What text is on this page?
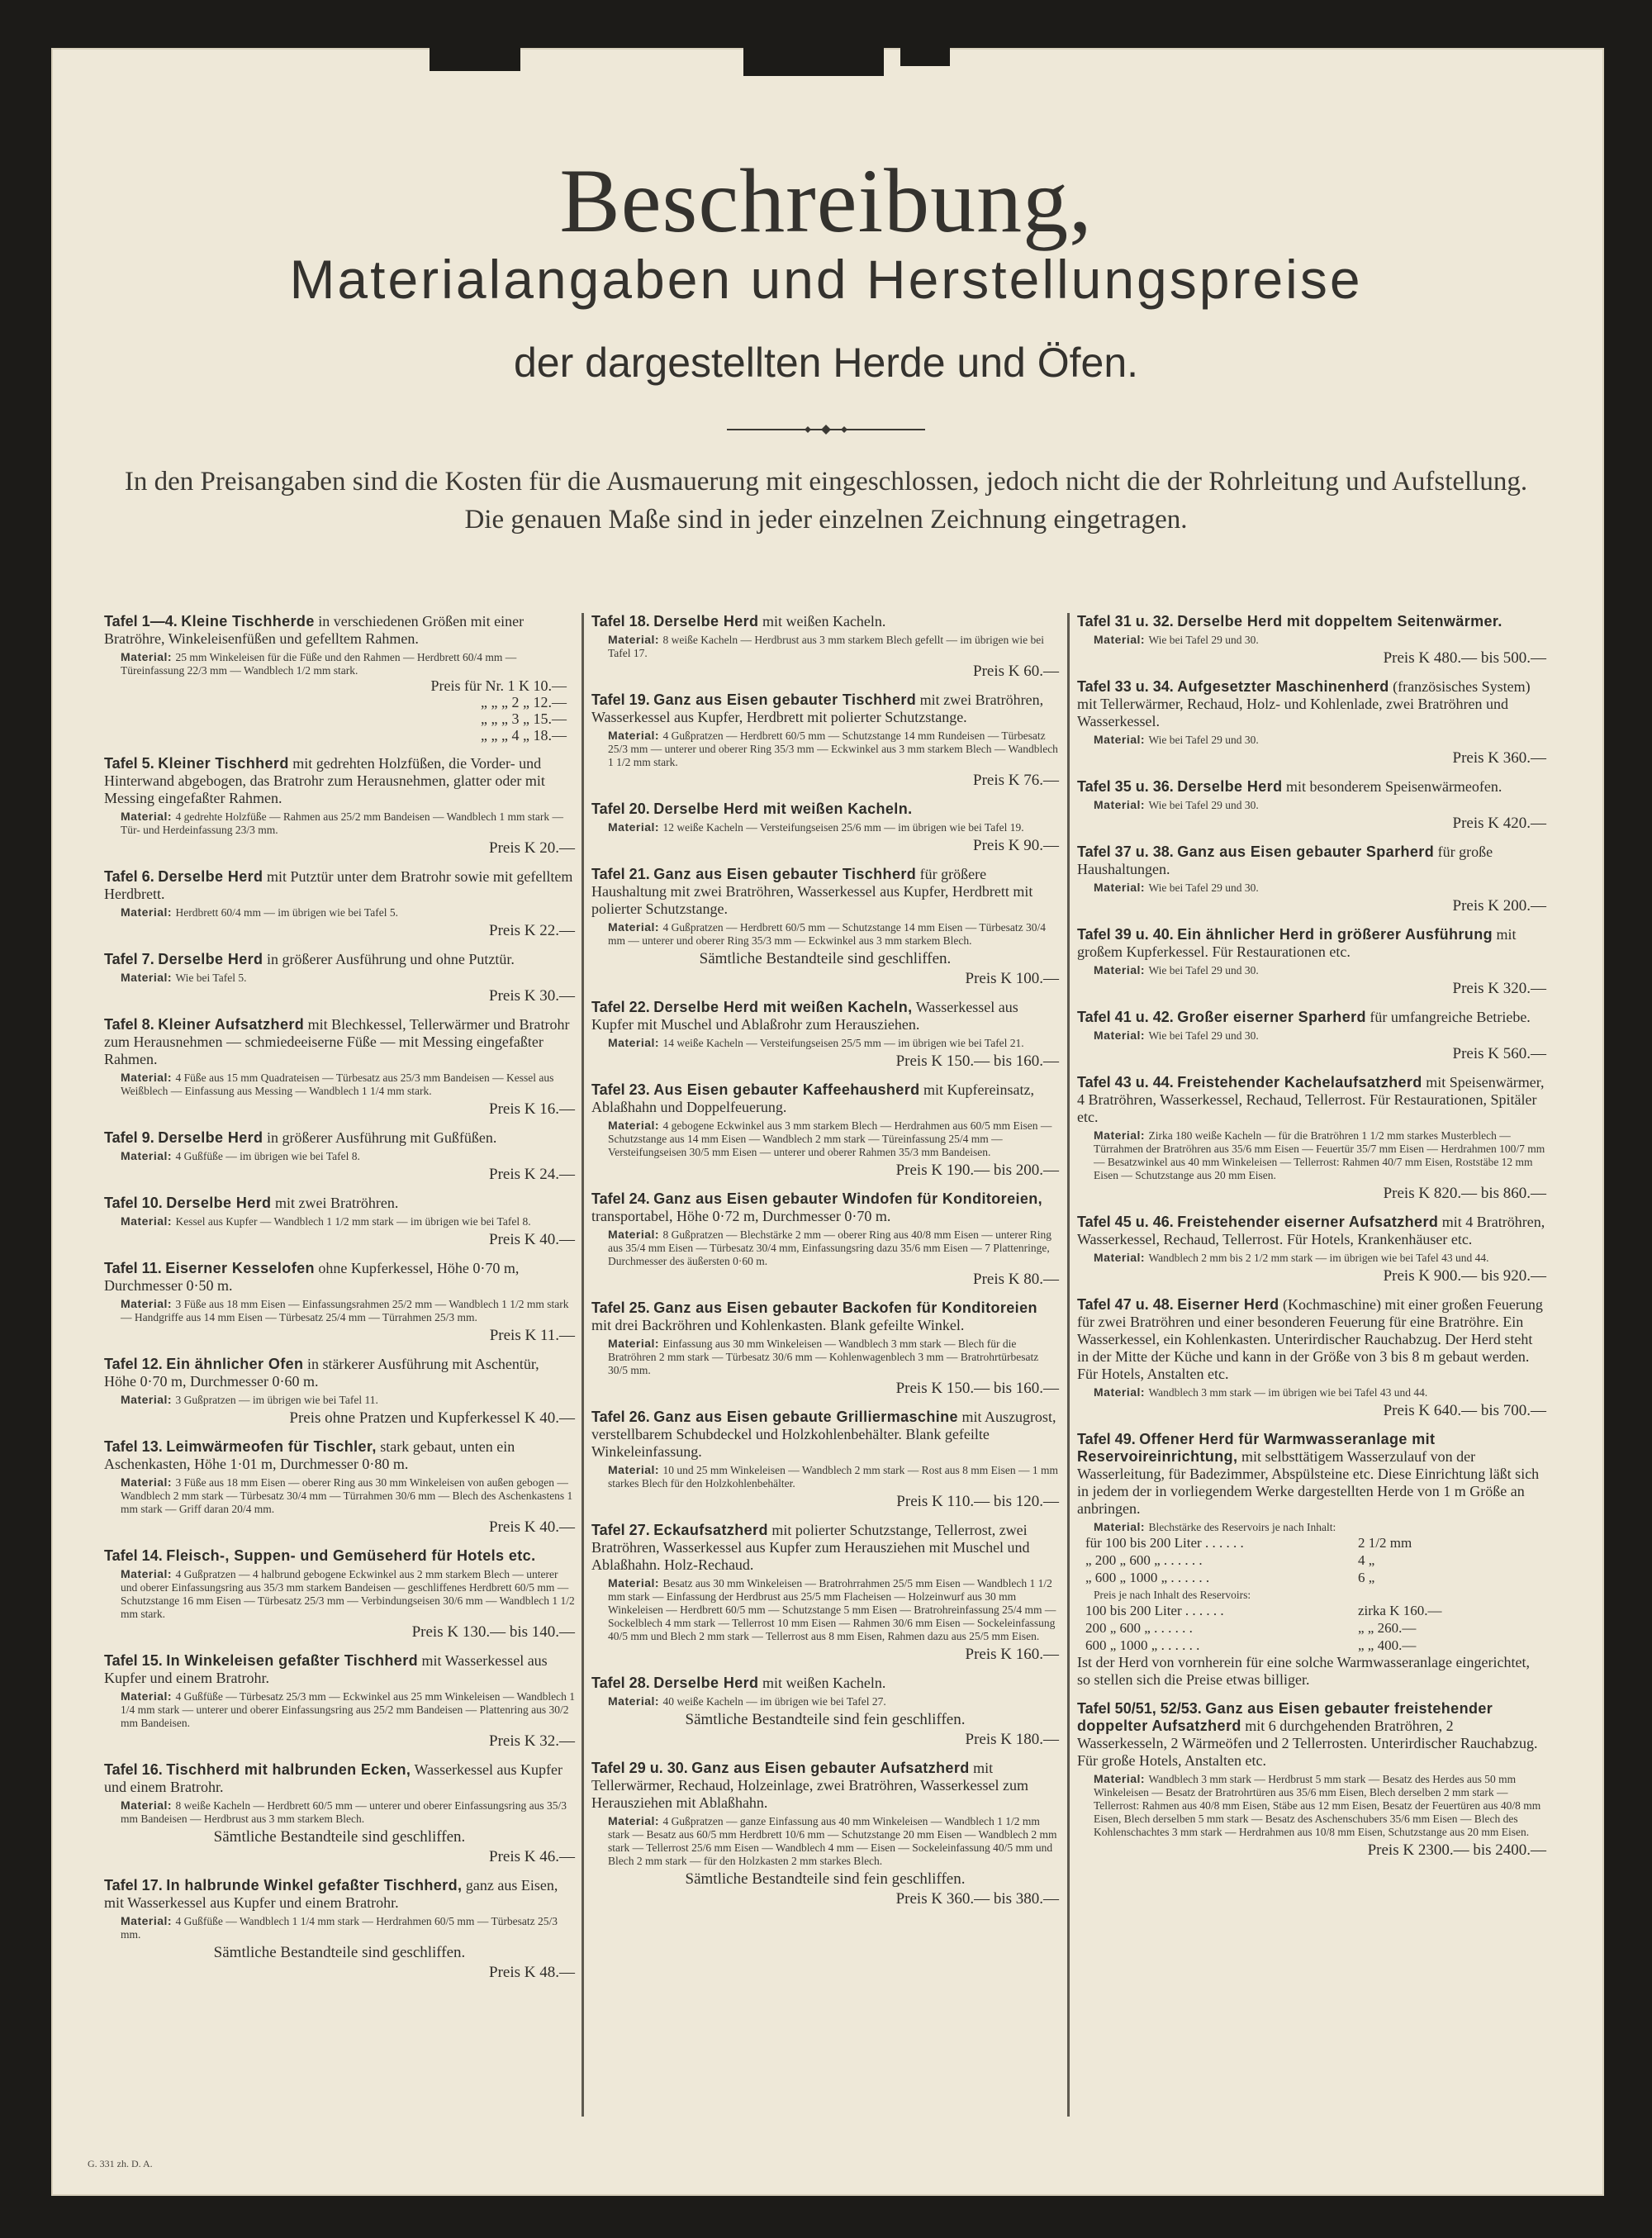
Beschreibung,
Materialangaben und Herstellungspreise
der dargestellten Herde und Öfen.
In den Preisangaben sind die Kosten für die Ausmauerung mit eingeschlossen, jedoch nicht die der Rohrleitung und Aufstellung.
Die genauen Maße sind in jeder einzelnen Zeichnung eingetragen.
Tafel 1—4. Kleine Tischherde in verschiedenen Größen mit einer Bratröhre, Winkeleisenfüßen und gefelltem Rahmen.
Material: 25 mm Winkeleisen für die Füße und den Rahmen — Herdbrett 60/4 mm — Türeinfassung 22/3 mm — Wandblech 1/2 mm stark.
Preis für Nr. 1 K 10.—
„ „ „ 2 „ 12.—
„ „ „ 3 „ 15.—
„ „ „ 4 „ 18.—
Tafel 5. Kleiner Tischherd mit gedrehten Holzfüßen, die Vorder- und Hinterwand abgebogen, das Bratrohr zum Herausnehmen, glatter oder mit Messing eingefaßter Rahmen.
Material: 4 gedrehte Holzfüße — Rahmen aus 25/2 mm Bandeisen — Wandblech 1 mm stark — Tür- und Herdeinfassung 23/3 mm.
Preis K 20.—
Tafel 6. Derselbe Herd mit Putztür unter dem Bratrohr sowie mit gefelltem Herdbrett.
Material: Herdbrett 60/4 mm — im übrigen wie bei Tafel 5.
Preis K 22.—
Tafel 7. Derselbe Herd in größerer Ausführung und ohne Putztür.
Material: Wie bei Tafel 5.
Preis K 30.—
Tafel 8. Kleiner Aufsatzherd mit Blechkessel, Tellerwärmer und Bratrohr zum Herausnehmen — schmiedeeiserne Füße — mit Messing eingefaßter Rahmen.
Material: 4 Füße aus 15 mm Quadrateisen — Türbesatz aus 25/3 mm Bandeisen — Kessel aus Weißblech — Einfassung aus Messing — Wandblech 1 1/4 mm stark.
Preis K 16.—
Tafel 9. Derselbe Herd in größerer Ausführung mit Gußfüßen.
Material: 4 Gußfüße — im übrigen wie bei Tafel 8.
Preis K 24.—
Tafel 10. Derselbe Herd mit zwei Bratröhren.
Material: Kessel aus Kupfer — Wandblech 1 1/2 mm stark — im übrigen wie bei Tafel 8.
Preis K 40.—
Tafel 11. Eiserner Kesselofen ohne Kupferkessel, Höhe 0·70 m, Durchmesser 0·50 m.
Material: 3 Füße aus 18 mm Eisen — Einfassungsrahmen 25/2 mm — Wandblech 1 1/2 mm stark — Handgriffe aus 14 mm Eisen — Türbesatz 25/4 mm — Türrahmen 25/3 mm.
Preis K 11.—
Tafel 12. Ein ähnlicher Ofen in stärkerer Ausführung mit Aschentür, Höhe 0·70 m, Durchmesser 0·60 m.
Material: 3 Gußpratzen — im übrigen wie bei Tafel 11.
Preis ohne Pratzen und Kupferkessel K 40.—
Tafel 13. Leimwärmeofen für Tischler, stark gebaut, unten ein Aschenkasten, Höhe 1·01 m, Durchmesser 0·80 m.
Material: 3 Füße aus 18 mm Eisen — oberer Ring aus 30 mm Winkeleisen von außen gebogen — Wandblech 2 mm stark — Türbesatz 30/4 mm — Türrahmen 30/6 mm — Blech des Aschenkastens 1 mm stark — Griff daran 20/4 mm.
Preis K 40.—
Tafel 14. Fleisch-, Suppen- und Gemüseherd für Hotels etc.
Material: 4 Gußpratzen — 4 halbrund gebogene Eckwinkel aus 2 mm starkem Blech — unterer und oberer Einfassungsring aus 35/3 mm starkem Bandeisen — geschliffenes Herdbrett 60/5 mm — Schutzstange 16 mm Eisen — Türbesatz 25/3 mm — Verbindungseisen 30/6 mm — Wandblech 1 1/2 mm stark.
Preis K 130.— bis 140.—
Tafel 15. In Winkeleisen gefaßter Tischherd mit Wasserkessel aus Kupfer und einem Bratrohr.
Material: 4 Gußfüße — Türbesatz 25/3 mm — Eckwinkel aus 25 mm Winkeleisen — Wandblech 1 1/4 mm stark — unterer und oberer Einfassungsring aus 25/2 mm Bandeisen — Plattenring aus 30/2 mm Bandeisen.
Preis K 32.—
Tafel 16. Tischherd mit halbrunden Ecken, Wasserkessel aus Kupfer und einem Bratrohr.
Material: 8 weiße Kacheln — Herdbrett 60/5 mm — unterer und oberer Einfassungsring aus 35/3 mm Bandeisen — Herdbrust aus 3 mm starkem Blech.
Sämtliche Bestandteile sind geschliffen.
Preis K 46.—
Tafel 17. In halbrunde Winkel gefaßter Tischherd, ganz aus Eisen, mit Wasserkessel aus Kupfer und einem Bratrohr.
Material: 4 Gußfüße — Wandblech 1 1/4 mm stark — Herdrahmen 60/5 mm — Türbesatz 25/3 mm.
Sämtliche Bestandteile sind geschliffen.
Preis K 48.—
Tafel 18. Derselbe Herd mit weißen Kacheln.
Material: 8 weiße Kacheln — Herdbrust aus 3 mm starkem Blech gefellt — im übrigen wie bei Tafel 17.
Preis K 60.—
Tafel 19. Ganz aus Eisen gebauter Tischherd mit zwei Bratröhren, Wasserkessel aus Kupfer, Herdbrett mit polierter Schutzstange.
Material: 4 Gußpratzen — Herdbrett 60/5 mm — Schutzstange 14 mm Rundeisen — Türbesatz 25/3 mm — unterer und oberer Ring 35/3 mm — Eckwinkel aus 3 mm starkem Blech — Wandblech 1 1/2 mm stark.
Preis K 76.—
Tafel 20. Derselbe Herd mit weißen Kacheln.
Material: 12 weiße Kacheln — Versteifungseisen 25/6 mm — im übrigen wie bei Tafel 19.
Preis K 90.—
Tafel 21. Ganz aus Eisen gebauter Tischherd für größere Haushaltung mit zwei Bratröhren, Wasserkessel aus Kupfer, Herdbrett mit polierter Schutzstange.
Material: 4 Gußpratzen — Herdbrett 60/5 mm — Schutzstange 14 mm Eisen — Türbesatz 30/4 mm — unterer und oberer Ring 35/3 mm — Eckwinkel aus 3 mm starkem Blech.
Sämtliche Bestandteile sind geschliffen.
Preis K 100.—
Tafel 22. Derselbe Herd mit weißen Kacheln, Wasserkessel aus Kupfer mit Muschel und Ablaßrohr zum Herausziehen.
Material: 14 weiße Kacheln — Versteifungseisen 25/5 mm — im übrigen wie bei Tafel 21.
Preis K 150.— bis 160.—
Tafel 23. Aus Eisen gebauter Kaffeehausherd mit Kupfereinsatz, Ablaßhahn und Doppelfeuerung.
Material: 4 gebogene Eckwinkel aus 3 mm starkem Blech — Herdrahmen aus 60/5 mm Eisen — Schutzstange aus 14 mm Eisen — Wandblech 2 mm stark — Türeinfassung 25/4 mm — Versteifungseisen 30/5 mm Eisen — unterer und oberer Rahmen 35/3 mm Bandeisen.
Preis K 190.— bis 200.—
Tafel 24. Ganz aus Eisen gebauter Windofen für Konditoreien, transportabel, Höhe 0·72 m, Durchmesser 0·70 m.
Material: 8 Gußpratzen — Blechstärke 2 mm — oberer Ring aus 40/8 mm Eisen — unterer Ring aus 35/4 mm Eisen — Türbesatz 30/4 mm, Einfassungsring dazu 35/6 mm Eisen — 7 Plattenringe, Durchmesser des äußersten 0·60 m.
Preis K 80.—
Tafel 25. Ganz aus Eisen gebauter Backofen für Konditoreien mit drei Backröhren und Kohlenkasten. Blank gefeilte Winkel.
Material: Einfassung aus 30 mm Winkeleisen — Wandblech 3 mm stark — Blech für die Bratröhren 2 mm stark — Türbesatz 30/6 mm — Kohlenwagenblech 3 mm — Bratrohrtürbesatz 30/5 mm.
Preis K 150.— bis 160.—
Tafel 26. Ganz aus Eisen gebaute Grilliermaschine mit Auszugrost, verstellbarem Schubdeckel und Holzkohlenbehälter. Blank gefeilte Winkeleinfassung.
Material: 10 und 25 mm Winkeleisen — Wandblech 2 mm stark — Rost aus 8 mm Eisen — 1 mm starkes Blech für den Holzkohlenbehälter.
Preis K 110.— bis 120.—
Tafel 27. Eckaufsatzherd mit polierter Schutzstange, Tellerrost, zwei Bratröhren, Wasserkessel aus Kupfer zum Herausziehen mit Muschel und Ablaßhahn. Holz-Rechaud.
Material: Besatz aus 30 mm Winkeleisen — Bratrohrrahmen 25/5 mm Eisen — Wandblech 1 1/2 mm stark — Einfassung der Herdbrust aus 25/5 mm Flacheisen — Holzeinwurf aus 30 mm Winkeleisen — Herdbrett 60/5 mm — Schutzstange 5 mm Eisen — Bratrohreinfassung 25/4 mm — Sockelblech 4 mm stark — Tellerrost 10 mm Eisen — Rahmen 30/6 mm Eisen — Sockeleinfassung 40/5 mm und Blech 2 mm stark — Tellerrost aus 8 mm Eisen, Rahmen dazu aus 25/5 mm Eisen.
Preis K 160.—
Tafel 28. Derselbe Herd mit weißen Kacheln.
Material: 40 weiße Kacheln — im übrigen wie bei Tafel 27.
Sämtliche Bestandteile sind fein geschliffen.
Preis K 180.—
Tafel 29 u. 30. Ganz aus Eisen gebauter Aufsatzherd mit Tellerwärmer, Rechaud, Holzeinlage, zwei Bratröhren, Wasserkessel zum Herausziehen mit Ablaßhahn.
Material: 4 Gußpratzen — ganze Einfassung aus 40 mm Winkeleisen — Wandblech 1 1/2 mm stark — Besatz aus 60/5 mm Herdbrett 10/6 mm — Schutzstange 20 mm Eisen — Wandblech 2 mm stark — Tellerrost 25/6 mm Eisen — Wandblech 4 mm — Eisen — Sockeleinfassung 40/5 mm und Blech 2 mm stark — für den Holzkasten 2 mm starkes Blech.
Sämtliche Bestandteile sind fein geschliffen.
Preis K 360.— bis 380.—
Tafel 31 u. 32. Derselbe Herd mit doppeltem Seitenwärmer.
Material: Wie bei Tafel 29 und 30.
Preis K 480.— bis 500.—
Tafel 33 u. 34. Aufgesetzter Maschinenherd (französisches System) mit Tellerwärmer, Rechaud, Holz- und Kohlenlade, zwei Bratröhren und Wasserkessel.
Material: Wie bei Tafel 29 und 30.
Preis K 360.—
Tafel 35 u. 36. Derselbe Herd mit besonderem Speisenwärmeofen.
Material: Wie bei Tafel 29 und 30.
Preis K 420.—
Tafel 37 u. 38. Ganz aus Eisen gebauter Sparherd für große Haushaltungen.
Material: Wie bei Tafel 29 und 30.
Preis K 200.—
Tafel 39 u. 40. Ein ähnlicher Herd in größerer Ausführung mit großem Kupferkessel. Für Restaurationen etc.
Material: Wie bei Tafel 29 und 30.
Preis K 320.—
Tafel 41 u. 42. Großer eiserner Sparherd für umfangreiche Betriebe.
Material: Wie bei Tafel 29 und 30.
Preis K 560.—
Tafel 43 u. 44. Freistehender Kachelaufsatzherd mit Speisenwärmer, 4 Bratröhren, Wasserkessel, Rechaud, Tellerrost. Für Restaurationen, Spitäler etc.
Material: Zirka 180 weiße Kacheln — für die Bratröhren 1 1/2 mm starkes Musterblech — Türrahmen der Bratröhren aus 35/6 mm Eisen — Feuertür 35/7 mm Eisen — Herdrahmen 100/7 mm — Besatzwinkel aus 40 mm Winkeleisen — Tellerrost: Rahmen 40/7 mm Eisen, Roststäbe 12 mm Eisen — Schutzstange aus 20 mm Eisen.
Preis K 820.— bis 860.—
Tafel 45 u. 46. Freistehender eiserner Aufsatzherd mit 4 Bratröhren, Wasserkessel, Rechaud, Tellerrost. Für Hotels, Krankenhäuser etc.
Material: Wandblech 2 mm bis 2 1/2 mm stark — im übrigen wie bei Tafel 43 und 44.
Preis K 900.— bis 920.—
Tafel 47 u. 48. Eiserner Herd (Kochmaschine) mit einer großen Feuerung für zwei Bratröhren und einer besonderen Feuerung für eine Bratröhre. Ein Wasserkessel, ein Kohlenkasten. Unterirdischer Rauchabzug. Der Herd steht in der Mitte der Küche und kann in der Größe von 3 bis 8 m gebaut werden. Für Hotels, Anstalten etc.
Material: Wandblech 3 mm stark — im übrigen wie bei Tafel 43 und 44.
Preis K 640.— bis 700.—
Tafel 49. Offener Herd für Warmwasseranlage mit Reservoireinrichtung, mit selbsttätigem Wasserzulauf von der Wasserleitung, für Badezimmer, Abspülsteine etc. Diese Einrichtung läßt sich in jedem der in vorliegendem Werke dargestellten Herde von 1 m Größe an anbringen.
Material: Blechstärke des Reservoirs je nach Inhalt:
für 100 bis 200 Liter . . . . . .	2 1/2 mm
„ 200 „ 600 „ . . . . . .	4 „
„ 600 „ 1000 „ . . . . . .	6 „
Preis je nach Inhalt des Reservoirs:
100 bis 200 Liter . . . . . .	zirka K 160.—
200 „ 600 „ . . . . . .	„ „ 260.—
600 „ 1000 „ . . . . . .	„ „ 400.—
Ist der Herd von vornherein für eine solche Warmwasseranlage eingerichtet, so stellen sich die Preise etwas billiger.
Tafel 50/51, 52/53. Ganz aus Eisen gebauter freistehender doppelter Aufsatzherd mit 6 durchgehenden Bratröhren, 2 Wasserkesseln, 2 Wärmeöfen und 2 Tellerrosten. Unterirdischer Rauchabzug. Für große Hotels, Anstalten etc.
Material: Wandblech 3 mm stark — Herdbrust 5 mm stark — Besatz des Herdes aus 50 mm Winkeleisen — Besatz der Bratrohrtüren aus 35/6 mm Eisen, Blech derselben 2 mm stark — Tellerrost: Rahmen aus 40/8 mm Eisen, Stäbe aus 12 mm Eisen, Besatz der Feuertüren aus 40/8 mm Eisen, Blech derselben 5 mm stark — Besatz des Aschenschubers 35/6 mm Eisen — Blech des Kohlenschachtes 3 mm stark — Herdrahmen aus 10/8 mm Eisen, Schutzstange aus 20 mm Eisen.
Preis K 2300.— bis 2400.—
G. 331 zh. D. A.
